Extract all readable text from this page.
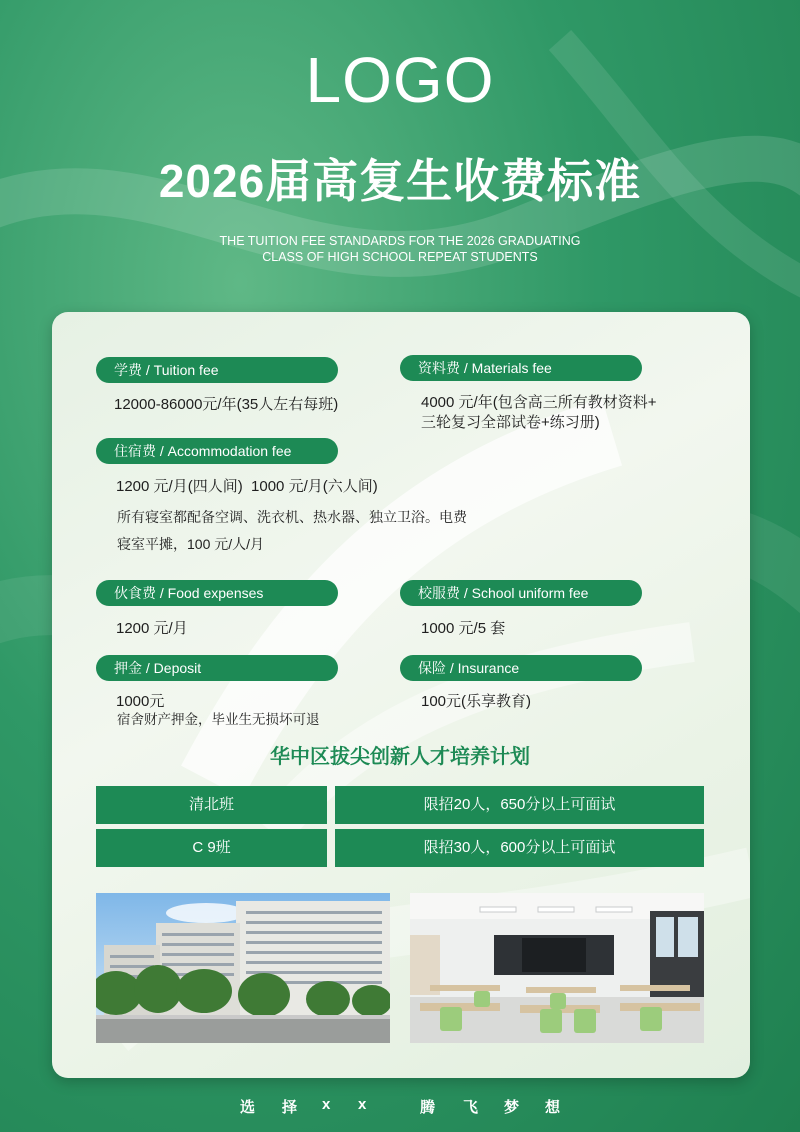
LOGO
2026届高复生收费标准
THE TUITION FEE STANDARDS FOR THE 2026 GRADUATING
CLASS OF HIGH SCHOOL REPEAT STUDENTS
学费 / Tuition fee
12000-86000元/年(35人左右每班)
资料费 / Materials fee
4000 元/年(包含高三所有教材资料+
三轮复习全部试卷+练习册)
住宿费 / Accommodation fee
1200 元/月(四人间)  1000 元/月(六人间)
所有寝室都配备空调、洗衣机、热水器、独立卫浴。电费
寝室平摊，100 元/人/月
伙食费 / Food expenses
1200 元/月
校服费 / School uniform fee
1000 元/5 套
押金 / Deposit
1000元
宿舍财产押金，毕业生无损坏可退
保险 / Insurance
100元(乐享教育)
华中区拔尖创新人才培养计划
清北班	限招20人，650分以上可面试
C 9班	限招30人，600分以上可面试
选 择 x x	腾 飞 梦 想
